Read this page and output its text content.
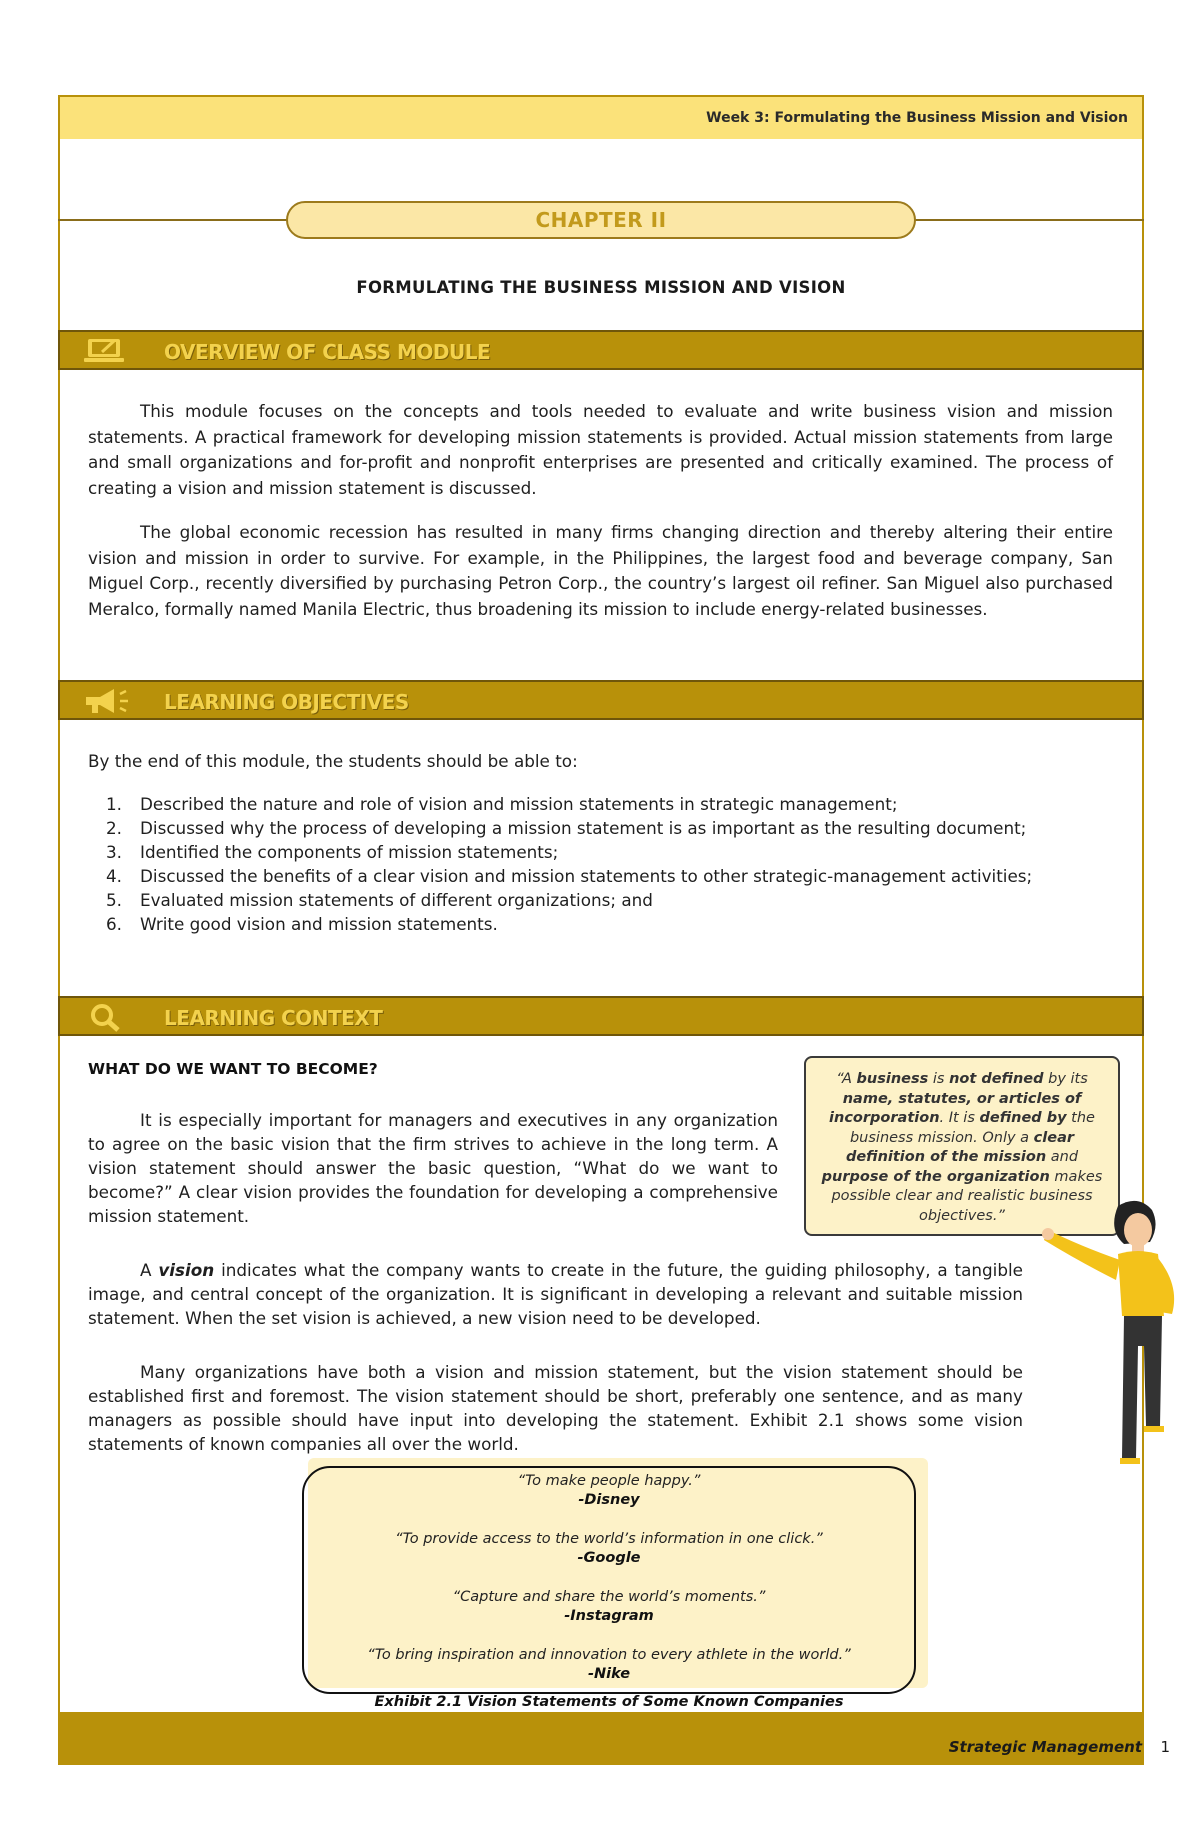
Week 3: Formulating the Business Mission and Vision
CHAPTER II
FORMULATING THE BUSINESS MISSION AND VISION
OVERVIEW OF CLASS MODULE
This module focuses on the concepts and tools needed to evaluate and write business vision and mission statements. A practical framework for developing mission statements is provided. Actual mission statements from large and small organizations and for-profit and nonprofit enterprises are presented and critically examined. The process of creating a vision and mission statement is discussed.
The global economic recession has resulted in many firms changing direction and thereby altering their entire vision and mission in order to survive. For example, in the Philippines, the largest food and beverage company, San Miguel Corp., recently diversified by purchasing Petron Corp., the country’s largest oil refiner. San Miguel also purchased Meralco, formally named Manila Electric, thus broadening its mission to include energy-related businesses.
LEARNING OBJECTIVES
By the end of this module, the students should be able to:
1.	Described the nature and role of vision and mission statements in strategic management;
2.	Discussed why the process of developing a mission statement is as important as the resulting document;
3.	Identified the components of mission statements;
4.	Discussed the benefits of a clear vision and mission statements to other strategic-management activities;
5.	Evaluated mission statements of different organizations; and
6.	Write good vision and mission statements.
LEARNING CONTEXT
WHAT DO WE WANT TO BECOME?
It is especially important for managers and executives in any organization to agree on the basic vision that the firm strives to achieve in the long term. A vision statement should answer the basic question, “What do we want to become?” A clear vision provides the foundation for developing a comprehensive mission statement.
A vision indicates what the company wants to create in the future, the guiding philosophy, a tangible image, and central concept of the organization. It is significant in developing a relevant and suitable mission statement. When the set vision is achieved, a new vision need to be developed.
Many organizations have both a vision and mission statement, but the vision statement should be established first and foremost. The vision statement should be short, preferably one sentence, and as many managers as possible should have input into developing the statement. Exhibit 2.1 shows some vision statements of known companies all over the world.
“A business is not defined by its name, statutes, or articles of incorporation. It is defined by the business mission. Only a clear definition of the mission and purpose of the organization makes possible clear and realistic business objectives.”
“To make people happy.”
-Disney
“To provide access to the world’s information in one click.”
-Google
“Capture and share the world’s moments.”
-Instagram
“To bring inspiration and innovation to every athlete in the world.”
-Nike
Exhibit 2.1 Vision Statements of Some Known Companies
Strategic Management 1
